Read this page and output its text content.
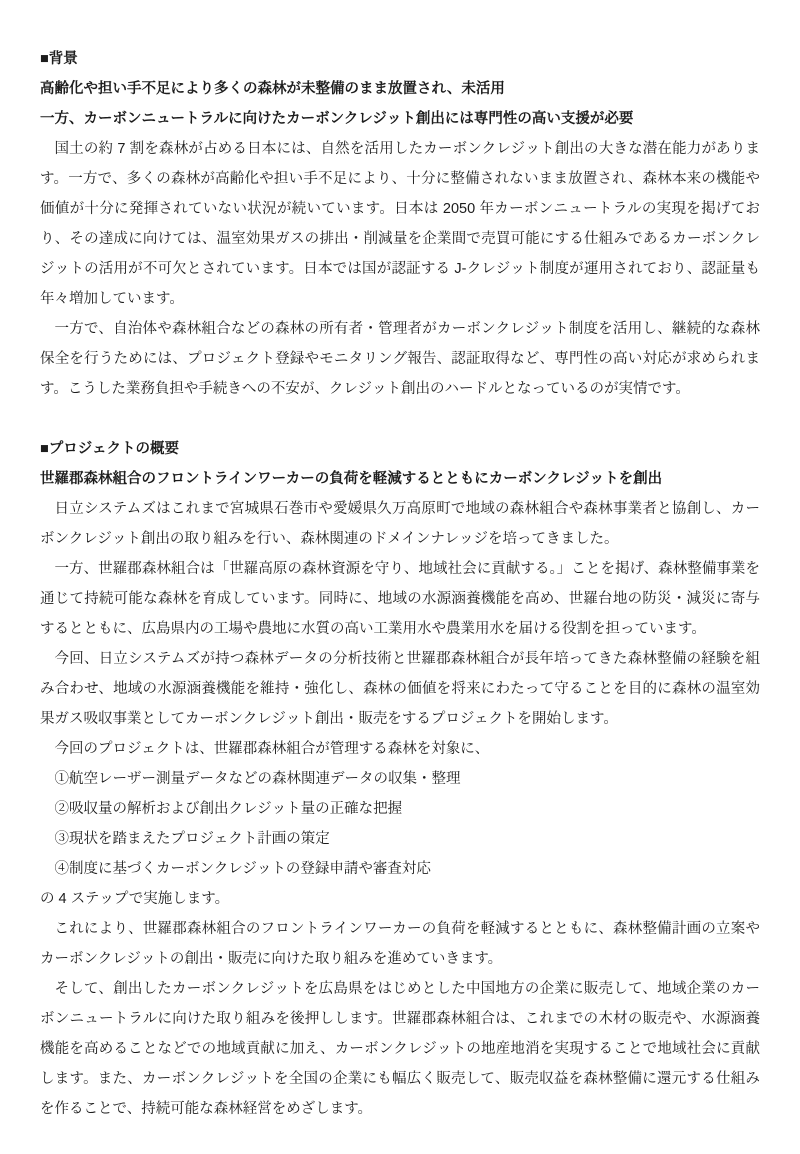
■背景

高齢化や担い手不足により多くの森林が未整備のまま放置され、未活用

一方、カーボンニュートラルに向けたカーボンクレジット創出には専門性の高い支援が必要

国土の約 7 割を森林が占める日本には、自然を活用したカーボンクレジット創出の大きな潜在能力があります。一方で、多くの森林が高齢化や担い手不足により、十分に整備されないまま放置され、森林本来の機能や価値が十分に発揮されていない状況が続いています。日本は 2050 年カーボンニュートラルの実現を掲げており、その達成に向けては、温室効果ガスの排出・削減量を企業間で売買可能にする仕組みであるカーボンクレジットの活用が不可欠とされています。日本では国が認証する J-クレジット制度が運用されており、認証量も年々増加しています。

一方で、自治体や森林組合などの森林の所有者・管理者がカーボンクレジット制度を活用し、継続的な森林保全を行うためには、プロジェクト登録やモニタリング報告、認証取得など、専門性の高い対応が求められます。こうした業務負担や手続きへの不安が、クレジット創出のハードルとなっているのが実情です。

■プロジェクトの概要

世羅郡森林組合のフロントラインワーカーの負荷を軽減するとともにカーボンクレジットを創出

日立システムズはこれまで宮城県石巻市や愛媛県久万高原町で地域の森林組合や森林事業者と協創し、カーボンクレジット創出の取り組みを行い、森林関連のドメインナレッジを培ってきました。

一方、世羅郡森林組合は「世羅高原の森林資源を守り、地域社会に貢献する。」ことを掲げ、森林整備事業を通じて持続可能な森林を育成しています。同時に、地域の水源涵養機能を高め、世羅台地の防災・減災に寄与するとともに、広島県内の工場や農地に水質の高い工業用水や農業用水を届ける役割を担っています。

今回、日立システムズが持つ森林データの分析技術と世羅郡森林組合が長年培ってきた森林整備の経験を組み合わせ、地域の水源涵養機能を維持・強化し、森林の価値を将来にわたって守ることを目的に森林の温室効果ガス吸収事業としてカーボンクレジット創出・販売をするプロジェクトを開始します。

今回のプロジェクトは、世羅郡森林組合が管理する森林を対象に、

①航空レーザー測量データなどの森林関連データの収集・整理

②吸収量の解析および創出クレジット量の正確な把握

③現状を踏まえたプロジェクト計画の策定

④制度に基づくカーボンクレジットの登録申請や審査対応

の 4 ステップで実施します。

これにより、世羅郡森林組合のフロントラインワーカーの負荷を軽減するとともに、森林整備計画の立案やカーボンクレジットの創出・販売に向けた取り組みを進めていきます。

そして、創出したカーボンクレジットを広島県をはじめとした中国地方の企業に販売して、地域企業のカーボンニュートラルに向けた取り組みを後押しします。世羅郡森林組合は、これまでの木材の販売や、水源涵養機能を高めることなどでの地域貢献に加え、カーボンクレジットの地産地消を実現することで地域社会に貢献します。また、カーボンクレジットを全国の企業にも幅広く販売して、販売収益を森林整備に還元する仕組みを作ることで、持続可能な森林経営をめざします。
